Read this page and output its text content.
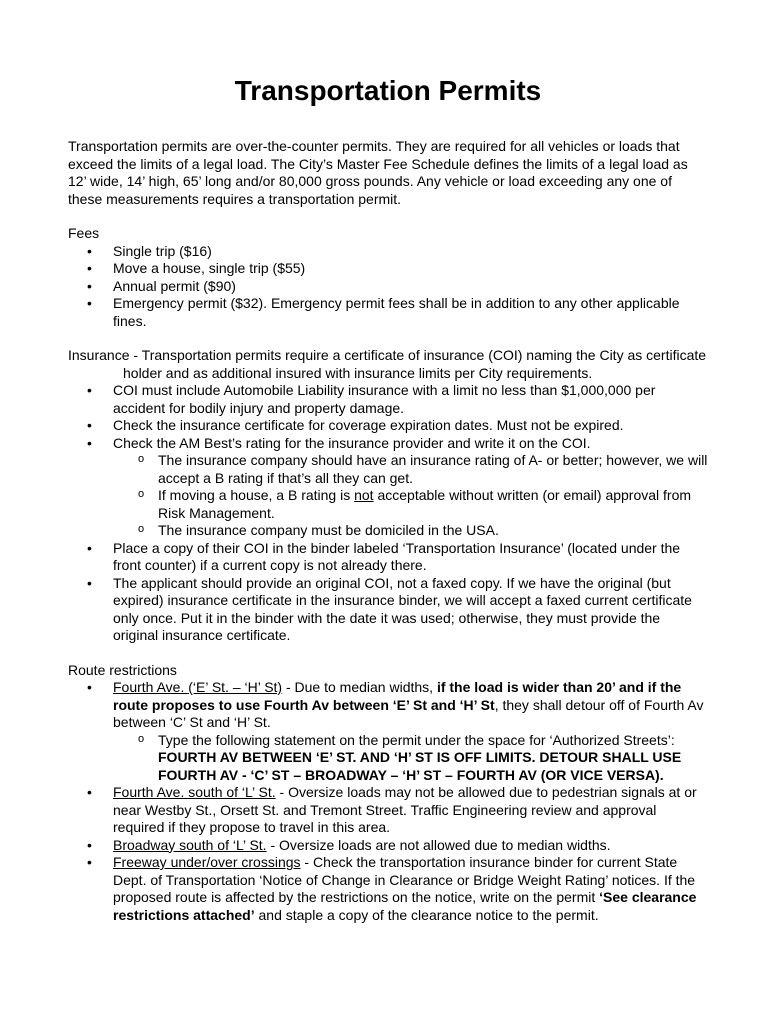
Transportation Permits

Transportation permits are over-the-counter permits. They are required for all vehicles or loads that exceed the limits of a legal load. The City’s Master Fee Schedule defines the limits of a legal load as 12’ wide, 14’ high, 65’ long and/or 80,000 gross pounds. Any vehicle or load exceeding any one of these measurements requires a transportation permit.

Fees

• Single trip ($16)
• Move a house, single trip ($55)
• Annual permit ($90)
• Emergency permit ($32). Emergency permit fees shall be in addition to any other applicable fines.

Insurance - Transportation permits require a certificate of insurance (COI) naming the City as certificate holder and as additional insured with insurance limits per City requirements.

• COI must include Automobile Liability insurance with a limit no less than $1,000,000 per accident for bodily injury and property damage.
• Check the insurance certificate for coverage expiration dates. Must not be expired.
• Check the AM Best’s rating for the insurance provider and write it on the COI.
o The insurance company should have an insurance rating of A- or better; however, we will accept a B rating if that’s all they can get.
o If moving a house, a B rating is not acceptable without written (or email) approval from Risk Management.
o The insurance company must be domiciled in the USA.
• Place a copy of their COI in the binder labeled ‘Transportation Insurance’ (located under the front counter) if a current copy is not already there.
• The applicant should provide an original COI, not a faxed copy. If we have the original (but expired) insurance certificate in the insurance binder, we will accept a faxed current certificate only once. Put it in the binder with the date it was used; otherwise, they must provide the original insurance certificate.

Route restrictions

• Fourth Ave. (‘E’ St. – ‘H’ St) - Due to median widths, if the load is wider than 20’ and if the route proposes to use Fourth Av between ‘E’ St and ‘H’ St, they shall detour off of Fourth Av between ‘C’ St and ‘H’ St.
o Type the following statement on the permit under the space for ‘Authorized Streets’:
FOURTH AV BETWEEN ‘E’ ST. AND ‘H’ ST IS OFF LIMITS. DETOUR SHALL USE FOURTH AV - ‘C’ ST – BROADWAY – ‘H’ ST – FOURTH AV (OR VICE VERSA).
• Fourth Ave. south of ‘L’ St. - Oversize loads may not be allowed due to pedestrian signals at or near Westby St., Orsett St. and Tremont Street. Traffic Engineering review and approval required if they propose to travel in this area.
• Broadway south of ‘L’ St. - Oversize loads are not allowed due to median widths.
• Freeway under/over crossings - Check the transportation insurance binder for current State Dept. of Transportation ‘Notice of Change in Clearance or Bridge Weight Rating’ notices. If the proposed route is affected by the restrictions on the notice, write on the permit ‘See clearance restrictions attached’ and staple a copy of the clearance notice to the permit.
